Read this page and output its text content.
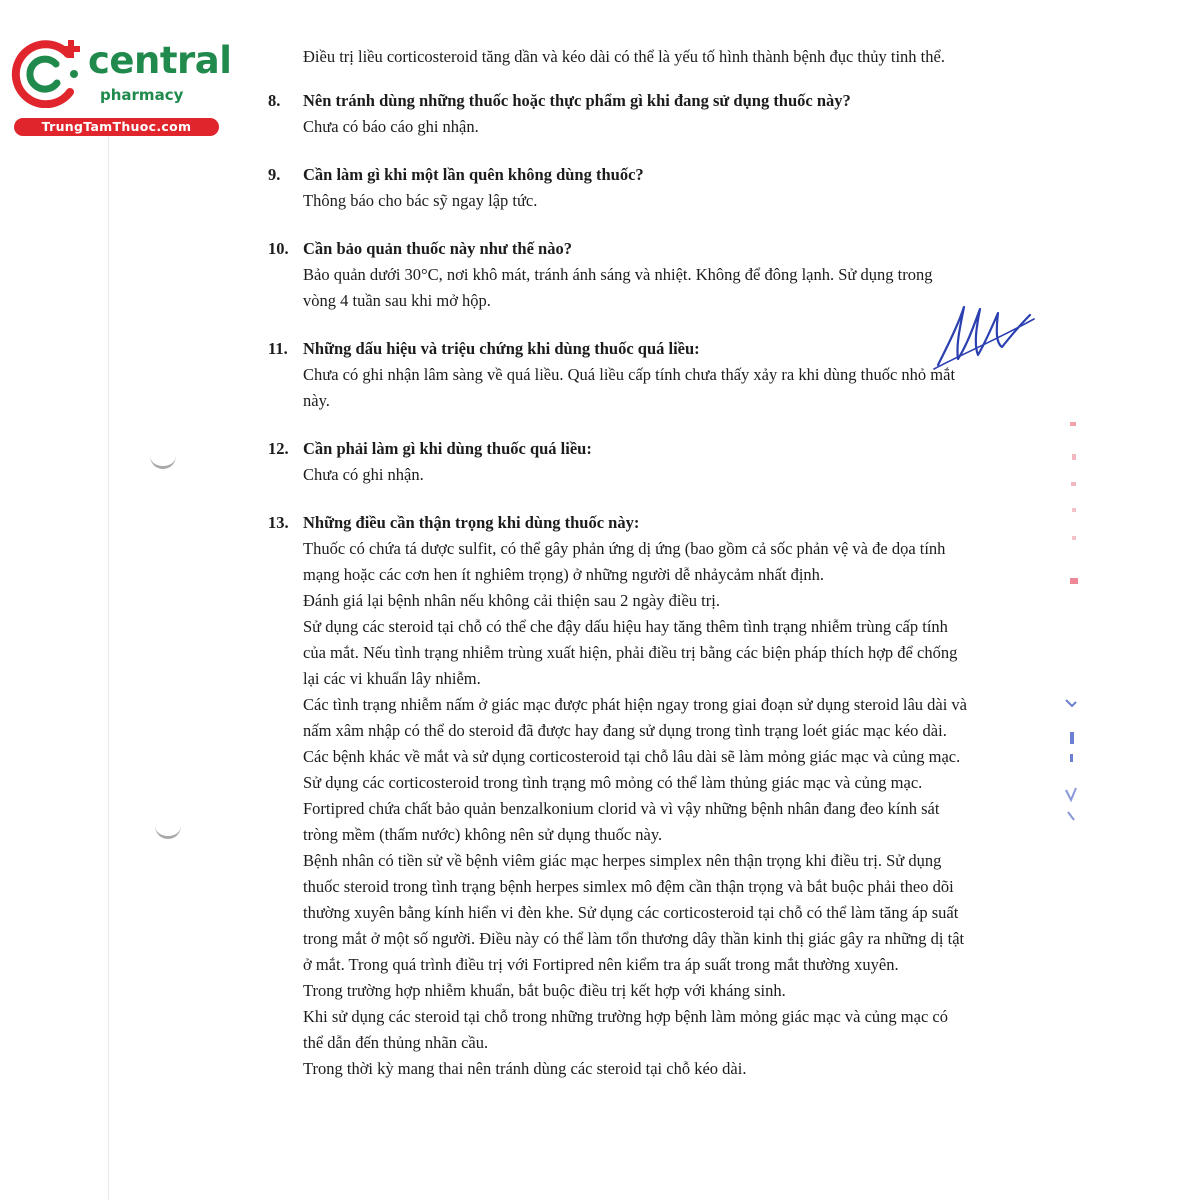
central
pharmacy
TrungTamThuoc.com

Điều trị liều corticosteroid tăng dần và kéo dài có thể là yếu tố hình thành bệnh đục thủy tinh thể.

8.	Nên tránh dùng những thuốc hoặc thực phẩm gì khi đang sử dụng thuốc này?

Chưa có báo cáo ghi nhận.

9.	Cần làm gì khi một lần quên không dùng thuốc?

Thông báo cho bác sỹ ngay lập tức.

10. Cần bảo quản thuốc này như thế nào?

Bảo quản dưới 30°C, nơi khô mát, tránh ánh sáng và nhiệt. Không để đông lạnh. Sử dụng trong vòng 4 tuần sau khi mở hộp.

11. Những dấu hiệu và triệu chứng khi dùng thuốc quá liều:

Chưa có ghi nhận lâm sàng về quá liều. Quá liều cấp tính chưa thấy xảy ra khi dùng thuốc nhỏ mắt này.

12. Cần phải làm gì khi dùng thuốc quá liều:

Chưa có ghi nhận.

13. Những điều cần thận trọng khi dùng thuốc này:

Thuốc có chứa tá dược sulfit, có thể gây phản ứng dị ứng (bao gồm cả sốc phản vệ và đe dọa tính mạng hoặc các cơn hen ít nghiêm trọng) ở những người dễ nhảycảm nhất định.

Đánh giá lại bệnh nhân nếu không cải thiện sau 2 ngày điều trị.

Sử dụng các steroid tại chỗ có thể che đậy dấu hiệu hay tăng thêm tình trạng nhiễm trùng cấp tính của mắt. Nếu tình trạng nhiễm trùng xuất hiện, phải điều trị bằng các biện pháp thích hợp để chống lại các vi khuẩn lây nhiễm.

Các tình trạng nhiễm nấm ở giác mạc được phát hiện ngay trong giai đoạn sử dụng steroid lâu dài và nấm xâm nhập có thể do steroid đã được hay đang sử dụng trong tình trạng loét giác mạc kéo dài.

Các bệnh khác về mắt và sử dụng corticosteroid tại chỗ lâu dài sẽ làm mỏng giác mạc và củng mạc. Sử dụng các corticosteroid trong tình trạng mô mỏng có thể làm thủng giác mạc và củng mạc.

Fortipred chứa chất bảo quản benzalkonium clorid và vì vậy những bệnh nhân đang đeo kính sát tròng mềm (thấm nước) không nên sử dụng thuốc này.

Bệnh nhân có tiền sử về bệnh viêm giác mạc herpes simplex nên thận trọng khi điều trị. Sử dụng thuốc steroid trong tình trạng bệnh herpes simlex mô đệm cần thận trọng và bắt buộc phải theo dõi thường xuyên bằng kính hiển vi đèn khe. Sử dụng các corticosteroid tại chỗ có thể làm tăng áp suất trong mắt ở một số người. Điều này có thể làm tổn thương dây thần kinh thị giác gây ra những dị tật ở mắt. Trong quá trình điều trị với Fortipred nên kiểm tra áp suất trong mắt thường xuyên.

Trong trường hợp nhiễm khuẩn, bắt buộc điều trị kết hợp với kháng sinh.

Khi sử dụng các steroid tại chỗ trong những trường hợp bệnh làm mỏng giác mạc và củng mạc có thể dẫn đến thủng nhãn cầu.

Trong thời kỳ mang thai nên tránh dùng các steroid tại chỗ kéo dài.
